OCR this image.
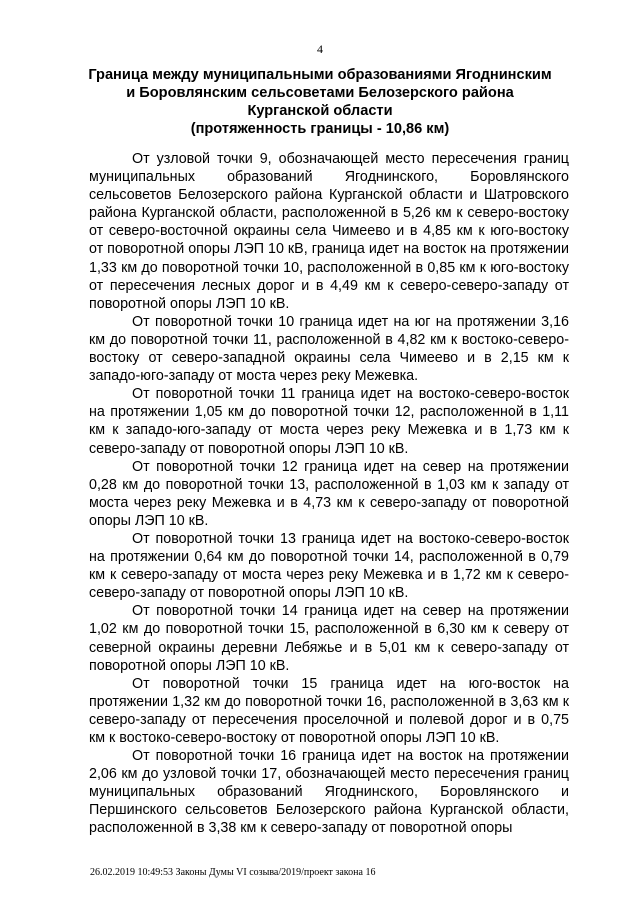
4
Граница между муниципальными образованиями Ягоднинским
и Боровлянским сельсоветами Белозерского района
Курганской области
(протяженность границы - 10,86 км)

От узловой точки 9, обозначающей место пересечения границ муниципальных образований Ягоднинского, Боровлянского сельсоветов Белозерского района Курганской области и Шатровского района Курганской области, расположенной в 5,26 км к северо-востоку от северо-восточной окраины села Чимеево и в 4,85 км к юго-востоку от поворотной опоры ЛЭП 10 кВ, граница идет на восток на протяжении 1,33 км до поворотной точки 10, расположенной в 0,85 км к юго-востоку от пересечения лесных дорог и в 4,49 км к северо-северо-западу от поворотной опоры ЛЭП 10 кВ.

От поворотной точки 10 граница идет на юг на протяжении 3,16 км до поворотной точки 11, расположенной в 4,82 км к востоко-северо-востоку от северо-западной окраины села Чимеево и в 2,15 км к западо-юго-западу от моста через реку Межевка.

От поворотной точки 11 граница идет на востоко-северо-восток на протяжении 1,05 км до поворотной точки 12, расположенной в 1,11 км к западо-юго-западу от моста через реку Межевка и в 1,73 км к северо-западу от поворотной опоры ЛЭП 10 кВ.

От поворотной точки 12 граница идет на север на протяжении 0,28 км до поворотной точки 13, расположенной в 1,03 км к западу от моста через реку Межевка и в 4,73 км к северо-западу от поворотной опоры ЛЭП 10 кВ.

От поворотной точки 13 граница идет на востоко-северо-восток на протяжении 0,64 км до поворотной точки 14, расположенной в 0,79 км к северо-западу от моста через реку Межевка и в 1,72 км к северо-северо-западу от поворотной опоры ЛЭП 10 кВ.

От поворотной точки 14 граница идет на север на протяжении 1,02 км до поворотной точки 15, расположенной в 6,30 км к северу от северной окраины деревни Лебяжье и в 5,01 км к северо-западу от поворотной опоры ЛЭП 10 кВ.

От поворотной точки 15 граница идет на юго-восток на протяжении 1,32 км до поворотной точки 16, расположенной в 3,63 км к северо-западу от пересечения проселочной и полевой дорог и в 0,75 км к востоко-северо-востоку от поворотной опоры ЛЭП 10 кВ.

От поворотной точки 16 граница идет на восток на протяжении 2,06 км до узловой точки 17, обозначающей место пересечения границ муниципальных образований Ягоднинского, Боровлянского и Першинского сельсоветов Белозерского района Курганской области, расположенной в 3,38 км к северо-западу от поворотной опоры

26.02.2019 10:49:53 Законы Думы VI созыва/2019/проект закона 16
